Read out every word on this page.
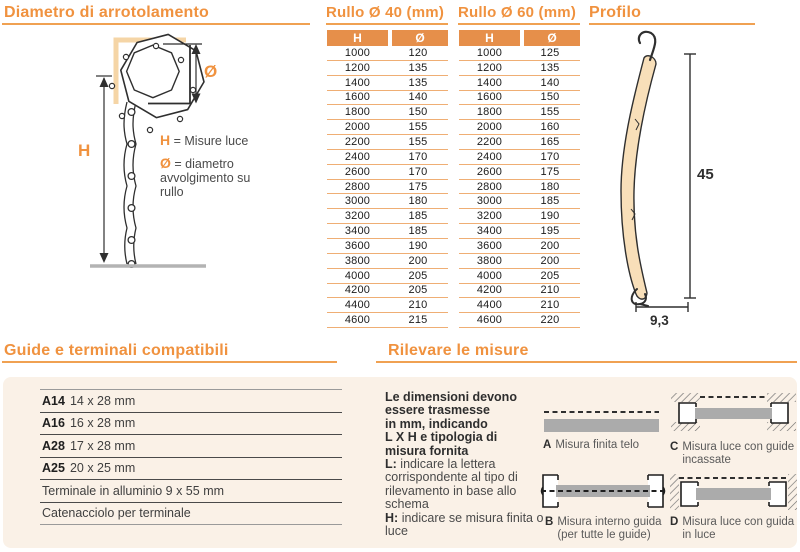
Diametro di arrotolamento
Ø
H
H = Misure luce
Ø = diametro avvolgimento su rullo
Rullo Ø 40 (mm)
H	Ø
1000	120
1200	135
1400	135
1600	140
1800	150
2000	155
2200	155
2400	170
2600	170
2800	175
3000	180
3200	185
3400	185
3600	190
3800	200
4000	205
4200	205
4400	210
4600	215
Rullo Ø 60 (mm)
H	Ø
1000	125
1200	135
1400	140
1600	150
1800	155
2000	160
2200	165
2400	170
2600	175
2800	180
3000	185
3200	190
3400	195
3600	200
3800	200
4000	205
4200	210
4400	210
4600	220
Profilo
45
9,3
Guide e terminali compatibili
A14 14 x 28 mm
A16 16 x 28 mm
A28 17 x 28 mm
A25 20 x 25 mm
Terminale in alluminio 9 x 55 mm
Catenacciolo per terminale
Rilevare le misure
Le dimensioni devono
essere trasmesse
in mm, indicando
L X H e tipologia di
misura fornita
L: indicare la lettera corrispondente al tipo di rilevamento in base allo schema
H: indicare se misura finita o luce
A Misura finita telo	C Misura luce con guide incassate
B Misura interno guida (per tutte le guide)
D Misura luce con guida in luce
